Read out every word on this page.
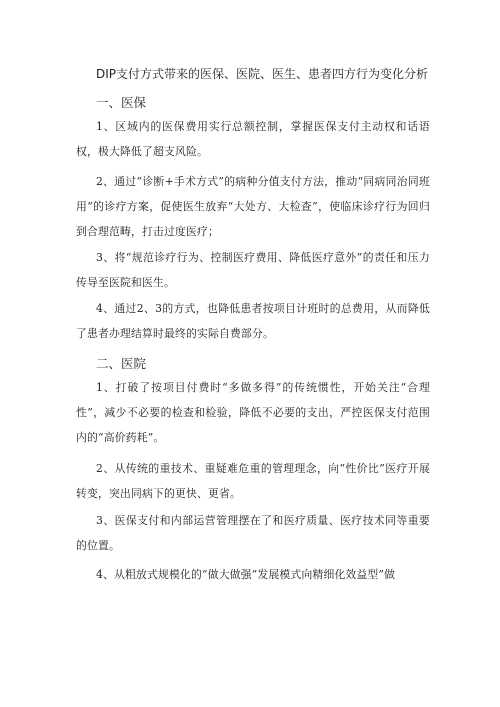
DIP支付方式带来的医保、医院、医生、患者四方行为变化分析
一、医保

1、区域内的医保费用实行总额控制，掌握医保支付主动权和话语权，极大降低了超支风险。

2、通过“诊断+手术方式”的病种分值支付方法，推动“同病同治同班用”的诊疗方案，促使医生放弃“大处方、大检查”，使临床诊疗行为回归到合理范畴，打击过度医疗；

3、将“规范诊疗行为、控制医疗费用、降低医疗意外”的责任和压力传导至医院和医生。

4、通过2、3的方式，也降低患者按项目计班时的总费用，从而降低了患者办理结算时最终的实际自费部分。

二、医院

1、打破了按项目付费时“多做多得”的传统惯性，开始关注“合理性”，减少不必要的检查和检验，降低不必要的支出，严控医保支付范围内的“高价药耗”。

2、从传统的重技术、重疑难危重的管理理念，向“性价比”医疗开展转变，突出同病下的更快、更省。

3、医保支付和内部运营管理摆在了和医疗质量、医疗技术同等重要的位置。

4、从粗放式规模化的“做大做强”发展模式向精细化效益型”做
